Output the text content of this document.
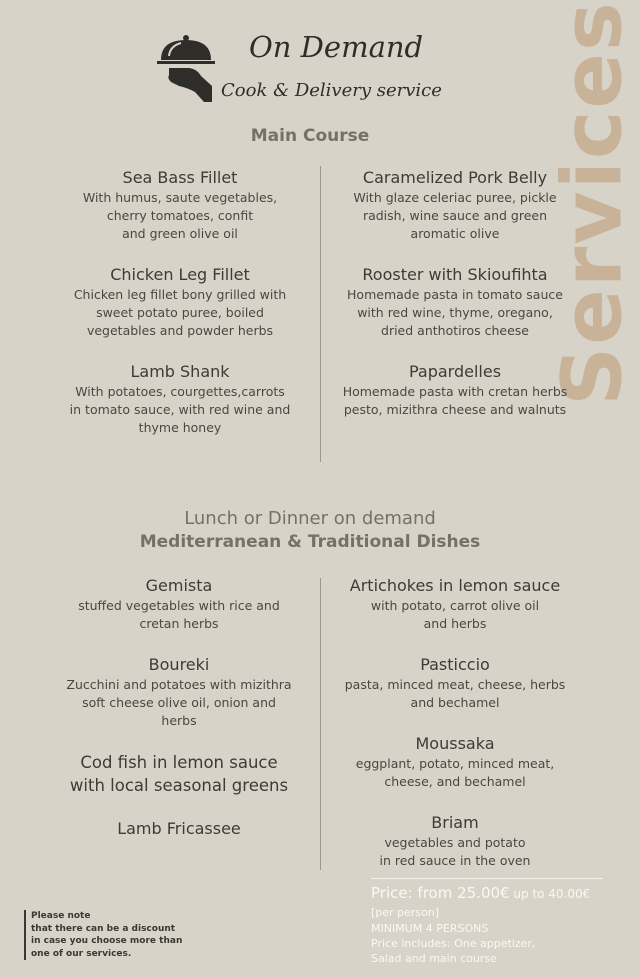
Services
On Demand
Cook & Delivery service
Main Course
Sea Bass Fillet
With humus, saute vegetables,
cherry tomatoes, confit
and green olive oil
Chicken Leg Fillet
Chicken leg fillet bony grilled with
sweet potato puree, boiled
vegetables and powder herbs
Lamb Shank
With potatoes, courgettes,carrots
in tomato sauce, with red wine and
thyme honey
Caramelized Pork Belly
With glaze celeriac puree, pickle
radish, wine sauce and green
aromatic olive
Rooster with Skioufihta
Homemade pasta in tomato sauce
with red wine, thyme, oregano,
dried anthotiros cheese
Papardelles
Homemade pasta with cretan herbs
pesto, mizithra cheese and walnuts
Lunch or Dinner on demand
Mediterranean & Traditional Dishes
Gemista
stuffed vegetables with rice and
cretan herbs
Boureki
Zucchini and potatoes with mizithra
soft cheese olive oil, onion and
herbs
Cod fish in lemon sauce
with local seasonal greens
Lamb Fricassee
Artichokes in lemon sauce
with potato, carrot olive oil
and herbs
Pasticcio
pasta, minced meat, cheese, herbs
and bechamel
Moussaka
eggplant, potato, minced meat,
cheese, and bechamel
Briam
vegetables and potato
in red sauce in the oven
Price: from 25.00€ up to 40.00€
[per person]
MINIMUM 4 PERSONS
Price includes: One appetizer,
Salad and main course
Please note
that there can be a discount
in case you choose more than
one of our services.
